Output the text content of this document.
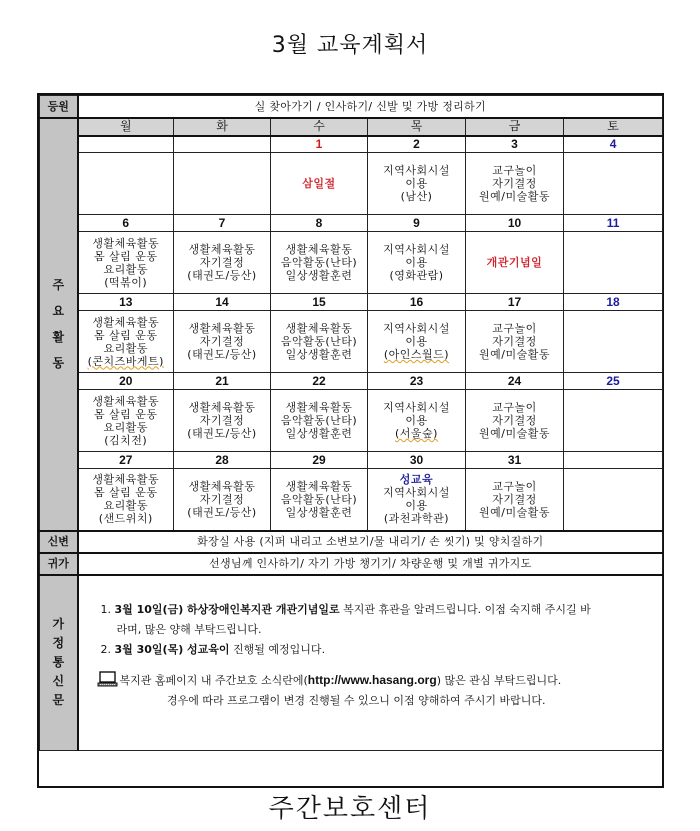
3월 교육계획서
등원	실 찾아가기 / 인사하기/ 신발 및 가방 정리하기					

주
요
활
동	월	화	수	목	금	토
			1	2	3	4
			삼일절	지역사회시설
이용
(남산)	교구놀이
자기결정
원예/미술활동	

	6	7	8	9	10	11

	생활체육활동
몸 살림 운동
요리활동
(떡볶이)	생활체육활동
자기결정
(태권도/등산)	생활체육활동
음악활동(난타)
일상생활훈련	지역사회시설
이용
(영화관람)	개관기념일	
	13	14	15	16	17	18

	생활체육활동
몸 살림 운동
요리활동
(콘치즈바게트)	생활체육활동
자기결정
(태권도/등산)	생활체육활동
음악활동(난타)
일상생활훈련	지역사회시설
이용
(아인스월드)	교구놀이
자기결정
원예/미술활동	

	20	21	22	23	24	25

	생활체육활동
몸 살림 운동
요리활동
(김치전)	생활체육활동
자기결정
(태권도/등산)	생활체육활동
음악활동(난타)
일상생활훈련	지역사회시설
이용
(서울숲)	교구놀이
자기결정
원예/미술활동	

	27	28	29	30	31	

	생활체육활동
몸 살림 운동
요리활동
(샌드위치)	생활체육활동
자기결정
(태권도/등산)	생활체육활동
음악활동(난타)
일상생활훈련	성교육
지역사회시설
이용
(과천과학관)	교구놀이
자기결정
원예/미술활동	

신변	화장실 사용 (지퍼 내리고 소변보기/물 내리기/ 손 씻기) 및 양치질하기					
귀가	선생님께 인사하기/ 자기 가방 챙기기/ 차량운행 및 개별 귀가지도					

가
정
통
신
문

1. 3월 10일(금) 하상장애인복지관 개관기념일로 복지관 휴관을 알려드립니다. 이점 숙지해 주시길 바
라며, 많은 양해 부탁드립니다.
2. 3월 30일(목) 성교육이 진행될 예정입니다.
복지관 홈페이지 내 주간보호 소식란에(http://www.hasang.org) 많은 관심 부탁드립니다.
경우에 따라 프로그램이 변경 진행될 수 있으니 이점 양해하여 주시기 바랍니다.
주간보호센터
